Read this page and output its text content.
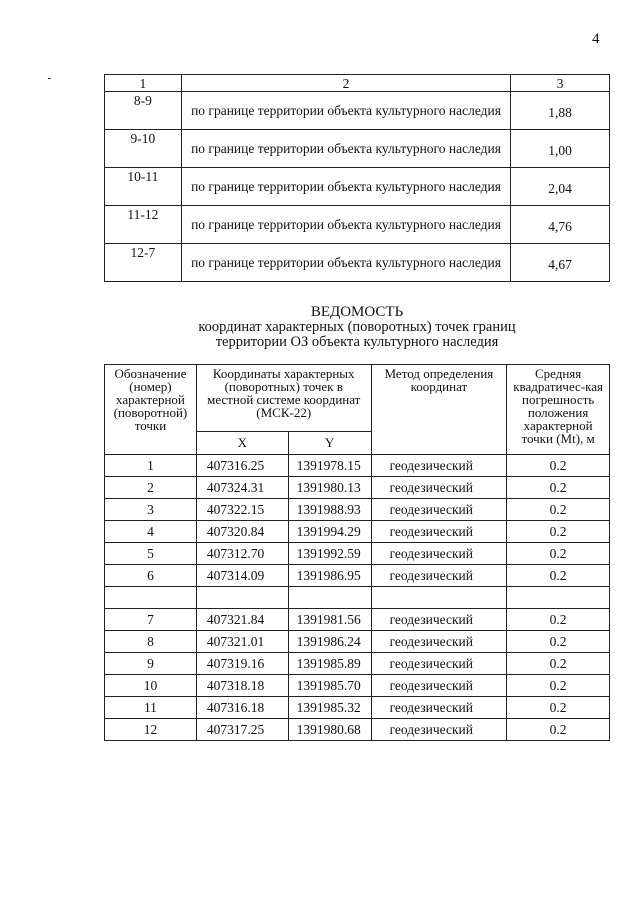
4
1	2	3
8-9	по границе территории объекта культурного наследия	1,88
9-10	по границе территории объекта культурного наследия	1,00
10-11	по границе территории объекта культурного наследия	2,04
11-12	по границе территории объекта культурного наследия	4,76
12-7	по границе территории объекта культурного наследия	4,67
ВЕДОМОСТЬ
координат характерных (поворотных) точек границ
территории ОЗ объекта культурного наследия
Обозначение (номер) характерной (поворотной) точки	Координаты характерных (поворотных) точек в местной системе координат (МСК-22)		Метод определения координат	Средняя квадратичес-кая погрешность положения характерной точки (Mt), м
	X	Y		
1	407316.25	1391978.15	геодезический	0.2
2	407324.31	1391980.13	геодезический	0.2
3	407322.15	1391988.93	геодезический	0.2
4	407320.84	1391994.29	геодезический	0.2
5	407312.70	1391992.59	геодезический	0.2
6	407314.09	1391986.95	геодезический	0.2

7	407321.84	1391981.56	геодезический	0.2
8	407321.01	1391986.24	геодезический	0.2
9	407319.16	1391985.89	геодезический	0.2
10	407318.18	1391985.70	геодезический	0.2
11	407316.18	1391985.32	геодезический	0.2
12	407317.25	1391980.68	геодезический	0.2
